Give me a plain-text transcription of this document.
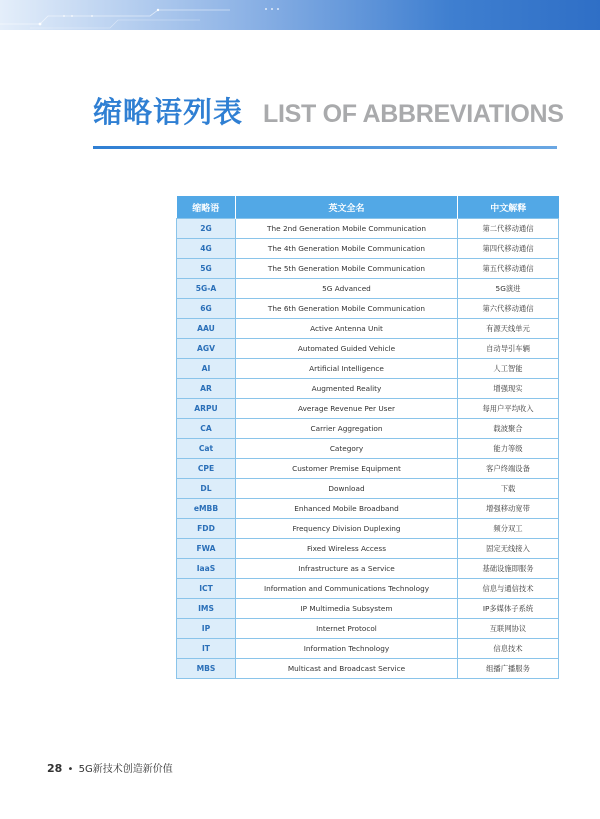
缩略语列表 LIST OF ABBREVIATIONS
缩略语	英文全名	中文解释
2G	The 2nd Generation Mobile Communication	第二代移动通信
4G	The 4th Generation Mobile Communication	第四代移动通信
5G	The 5th Generation Mobile Communication	第五代移动通信
5G-A	5G Advanced	5G演进
6G	The 6th Generation Mobile Communication	第六代移动通信
AAU	Active Antenna Unit	有源天线单元
AGV	Automated Guided Vehicle	自动导引车辆
AI	Artificial Intelligence	人工智能
AR	Augmented Reality	增强现实
ARPU	Average Revenue Per User	每用户平均收入
CA	Carrier Aggregation	载波聚合
Cat	Category	能力等级
CPE	Customer Premise Equipment	客户终端设备
DL	Download	下载
eMBB	Enhanced Mobile Broadband	增强移动宽带
FDD	Frequency Division Duplexing	频分双工
FWA	Fixed Wireless Access	固定无线接入
IaaS	Infrastructure as a Service	基础设施即服务
ICT	Information and Communications Technology	信息与通信技术
IMS	IP Multimedia Subsystem	IP多媒体子系统
IP	Internet Protocol	互联网协议
IT	Information Technology	信息技术
MBS	Multicast and Broadcast Service	组播广播服务
28 • 5G新技术创造新价值
